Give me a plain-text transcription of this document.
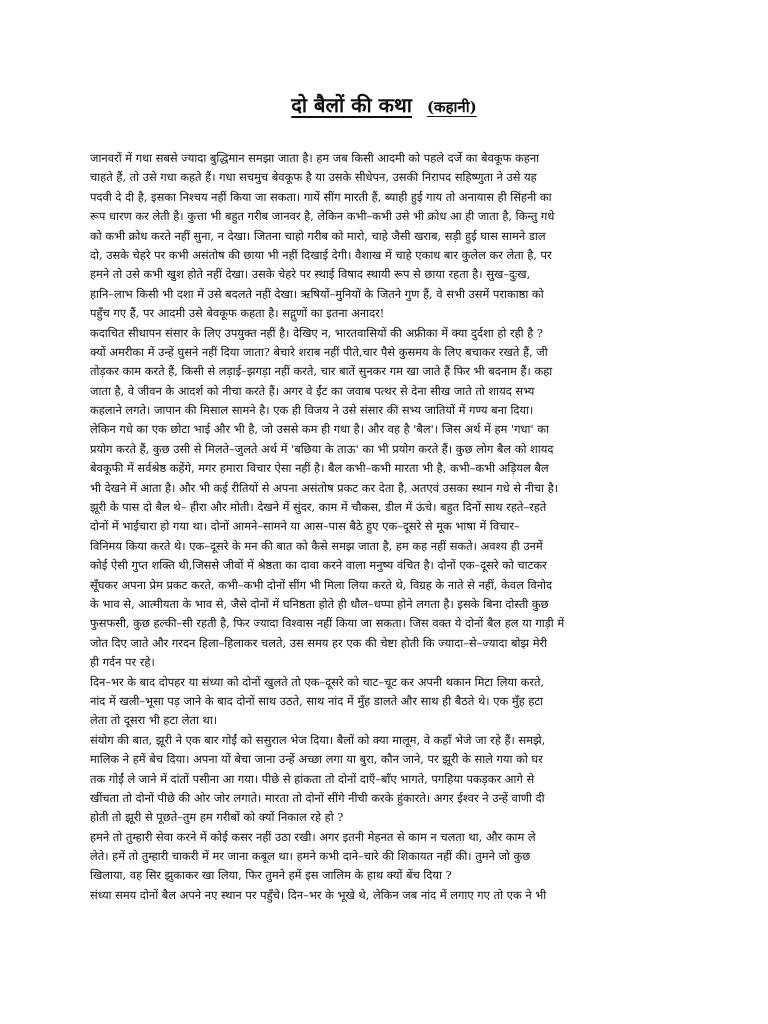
दो बैलों की कथा (कहानी)
जानवरों में गधा सबसे ज्यादा बुद्धिमान समझा जाता है। हम जब किसी आदमी को पहले दर्जे का बेवकूफ कहना
चाहते हैं, तो उसे गधा कहते हैं। गधा सचमुच बेवकूफ है या उसके सीधेपन, उसकी निरापद सहिष्णुता ने उसे यह
पदवी दे दी है, इसका निश्चय नहीं किया जा सकता। गायें सींग मारती हैं, ब्याही हुई गाय तो अनायास ही सिंहनी का
रूप धारण कर लेती है। कुत्ता भी बहुत गरीब जानवर है, लेकिन कभी–कभी उसे भी क्रोध आ ही जाता है, किन्तु गधे
को कभी क्रोध करते नहीं सुना, न देखा। जितना चाहो गरीब को मारो, चाहे जैसी खराब, सड़ी हुई घास सामने डाल
दो, उसके चेहरे पर कभी असंतोष की छाया भी नहीं दिखाई देगी। वैशाख में चाहे एकाध बार कुलेल कर लेता है, पर
हमने तो उसे कभी खुश होते नहीं देखा। उसके चेहरे पर स्थाई विषाद स्थायी रूप से छाया रहता है। सुख–दुःख,
हानि–लाभ किसी भी दशा में उसे बदलते नहीं देखा। ऋषियों–मुनियों के जितने गुण हैं, वे सभी उसमें पराकाष्ठा को
पहुँच गए हैं, पर आदमी उसे बेवकूफ कहता है। सद्गुणों का इतना अनादर!
कदाचित सीधापन संसार के लिए उपयुक्त नहीं है। देखिए न, भारतवासियों की अफ्रीका में क्या दुर्दशा हो रही है ?
क्यों अमरीका में उन्हें घुसने नहीं दिया जाता? बेचारे शराब नहीं पीते,चार पैसे कुसमय के लिए बचाकर रखते हैं, जी
तोड़कर काम करते हैं, किसी से लड़ाई–झगड़ा नहीं करते, चार बातें सुनकर गम खा जाते हैं फिर भी बदनाम हैं। कहा
जाता है, वे जीवन के आदर्श को नीचा करते हैं। अगर वे ईंट का जवाब पत्थर से देना सीख जाते तो शायद सभ्य
कहलाने लगते। जापान की मिसाल सामने है। एक ही विजय ने उसे संसार की सभ्य जातियों में गण्य बना दिया।
लेकिन गधे का एक छोटा भाई और भी है, जो उससे कम ही गधा है। और वह है 'बैल'। जिस अर्थ में हम 'गधा' का
प्रयोग करते हैं, कुछ उसी से मिलते–जुलते अर्थ में 'बछिया के ताऊ' का भी प्रयोग करते हैं। कुछ लोग बैल को शायद
बेवकूफी में सर्वश्रेष्ठ कहेंगे, मगर हमारा विचार ऐसा नहीं है। बैल कभी–कभी मारता भी है, कभी–कभी अड़ियल बैल
भी देखने में आता है। और भी कई रीतियों से अपना असंतोष प्रकट कर देता है, अतएवं उसका स्थान गधे से नीचा है।
झूरी के पास दो बैल थे– हीरा और मोती। देखने में सुंदर, काम में चौकस, डील में ऊंचे। बहुत दिनों साथ रहते–रहते
दोनों में भाईचारा हो गया था। दोनों आमने–सामने या आस–पास बैठे हुए एक–दूसरे से मूक भाषा में विचार–
विनिमय किया करते थे। एक–दूसरे के मन की बात को कैसे समझ जाता है, हम कह नहीं सकते। अवश्य ही उनमें
कोई ऐसी गुप्त शक्ति थी,जिससे जीवों में श्रेष्ठता का दावा करने वाला मनुष्य वंचित है। दोनों एक–दूसरे को चाटकर
सूँघकर अपना प्रेम प्रकट करते, कभी–कभी दोनों सींग भी मिला लिया करते थे, विग्रह के नाते से नहीं, केवल विनोद
के भाव से, आत्मीयता के भाव से, जैसे दोनों में घनिष्ठता होते ही धौल–धप्पा होने लगता है। इसके बिना दोस्ती कुछ
फुसफसी, कुछ हल्की–सी रहती है, फिर ज्यादा विश्वास नहीं किया जा सकता। जिस वक्त ये दोनों बैल हल या गाड़ी में
जोत दिए जाते और गरदन हिला–हिलाकर चलते, उस समय हर एक की चेष्टा होती कि ज्यादा–से–ज्यादा बोझ मेरी
ही गर्दन पर रहे।
दिन–भर के बाद दोपहर या संध्या को दोनों खुलते तो एक–दूसरे को चाट–चूट कर अपनी थकान मिटा लिया करते,
नांद में खली–भूसा पड़ जाने के बाद दोनों साथ उठते, साथ नांद में मुँह डालते और साथ ही बैठते थे। एक मुँह हटा
लेता तो दूसरा भी हटा लेता था।
संयोग की बात, झूरी ने एक बार गोईं को ससुराल भेज दिया। बैलों को क्या मालूम, वे कहाँ भेजे जा रहे हैं। समझे,
मालिक ने हमें बेच दिया। अपना यों बेचा जाना उन्हें अच्छा लगा या बुरा, कौन जाने, पर झूरी के साले गया को घर
तक गोईं ले जाने में दांतों पसीना आ गया। पीछे से हांकता तो दोनों दाएँ–बाँए भागते, पगहिया पकड़कर आगे से
खींचता तो दोनों पीछे की ओर जोर लगाते। मारता तो दोनों सींगे नीची करके हुंकारते। अगर ईश्वर ने उन्हें वाणी दी
होती तो झूरी से पूछते–तुम हम गरीबों को क्यों निकाल रहे हो ?
हमने तो तुम्हारी सेवा करने में कोई कसर नहीं उठा रखी। अगर इतनी मेहनत से काम न चलता था, और काम ले
लेते। हमें तो तुम्हारी चाकरी में मर जाना कबूल था। हमने कभी दाने–चारे की शिकायत नहीं की। तुमने जो कुछ
खिलाया, वह सिर झुकाकर खा लिया, फिर तुमने हमें इस जालिम के हाथ क्यों बेंच दिया ?
संध्या समय दोनों बैल अपने नए स्थान पर पहुँचे। दिन–भर के भूखे थे, लेकिन जब नांद में लगाए गए तो एक ने भी
